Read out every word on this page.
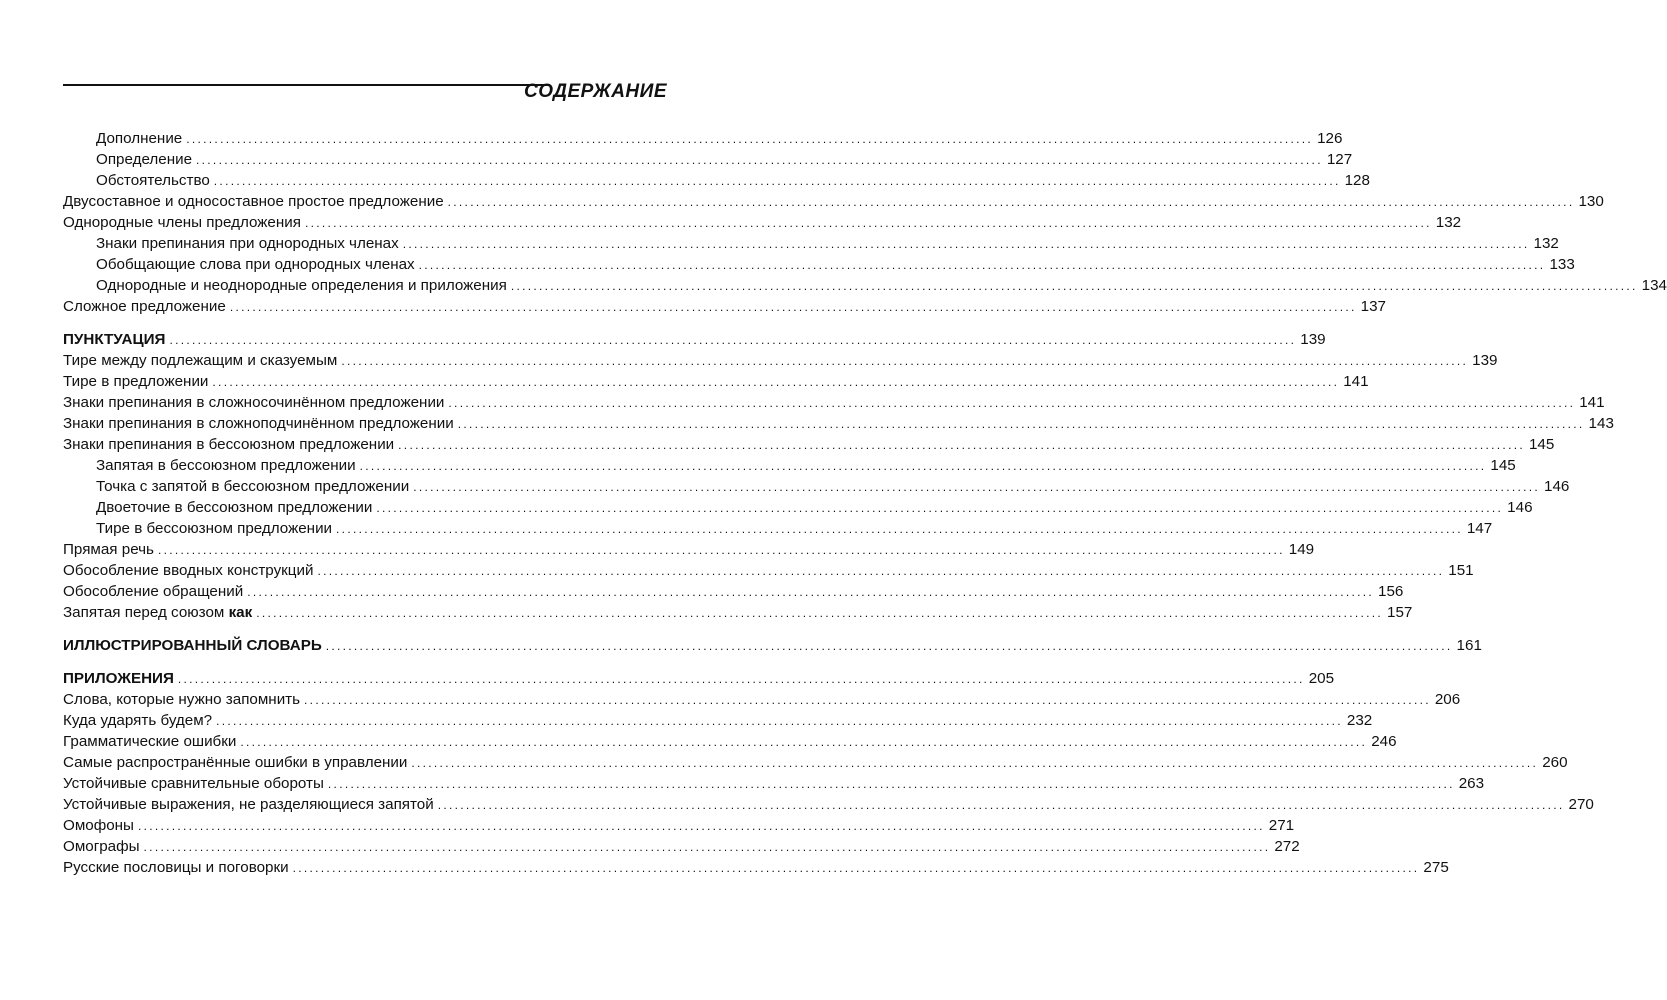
СОДЕРЖАНИЕ
Дополнение ........................................................................................................................................................................................................ 126
Определение ........................................................................................................................................................................................................ 127
Обстоятельство ........................................................................................................................................................................................................ 128
Двусоставное и односоставное простое предложение ........................................................................................................................................................................................................ 130
Однородные члены предложения ........................................................................................................................................................................................................ 132
Знаки препинания при однородных членах ........................................................................................................................................................................................................ 132
Обобщающие слова при однородных членах ........................................................................................................................................................................................................ 133
Однородные и неоднородные определения и приложения ........................................................................................................................................................................................................ 134
Сложное предложение ........................................................................................................................................................................................................ 137
ПУНКТУАЦИЯ ........................................................................................................................................................................................................ 139
Тире между подлежащим и сказуемым ........................................................................................................................................................................................................ 139
Тире в предложении ........................................................................................................................................................................................................ 141
Знаки препинания в сложносочинённом предложении ........................................................................................................................................................................................................ 141
Знаки препинания в сложноподчинённом предложении ........................................................................................................................................................................................................ 143
Знаки препинания в бессоюзном предложении ........................................................................................................................................................................................................ 145
Запятая в бессоюзном предложении ........................................................................................................................................................................................................ 145
Точка с запятой в бессоюзном предложении ........................................................................................................................................................................................................ 146
Двоеточие в бессоюзном предложении ........................................................................................................................................................................................................ 146
Тире в бессоюзном предложении ........................................................................................................................................................................................................ 147
Прямая речь ........................................................................................................................................................................................................ 149
Обособление вводных конструкций ........................................................................................................................................................................................................ 151
Обособление обращений ........................................................................................................................................................................................................ 156
Запятая перед союзом как ........................................................................................................................................................................................................ 157
ИЛЛЮСТРИРОВАННЫЙ СЛОВАРЬ ........................................................................................................................................................................................................ 161
ПРИЛОЖЕНИЯ ........................................................................................................................................................................................................ 205
Слова, которые нужно запомнить ........................................................................................................................................................................................................ 206
Куда ударять будем? ........................................................................................................................................................................................................ 232
Грамматические ошибки ........................................................................................................................................................................................................ 246
Самые распространённые ошибки в управлении ........................................................................................................................................................................................................ 260
Устойчивые сравнительные обороты ........................................................................................................................................................................................................ 263
Устойчивые выражения, не разделяющиеся запятой ........................................................................................................................................................................................................ 270
Омофоны ........................................................................................................................................................................................................ 271
Омографы ........................................................................................................................................................................................................ 272
Русские пословицы и поговорки ........................................................................................................................................................................................................ 275
